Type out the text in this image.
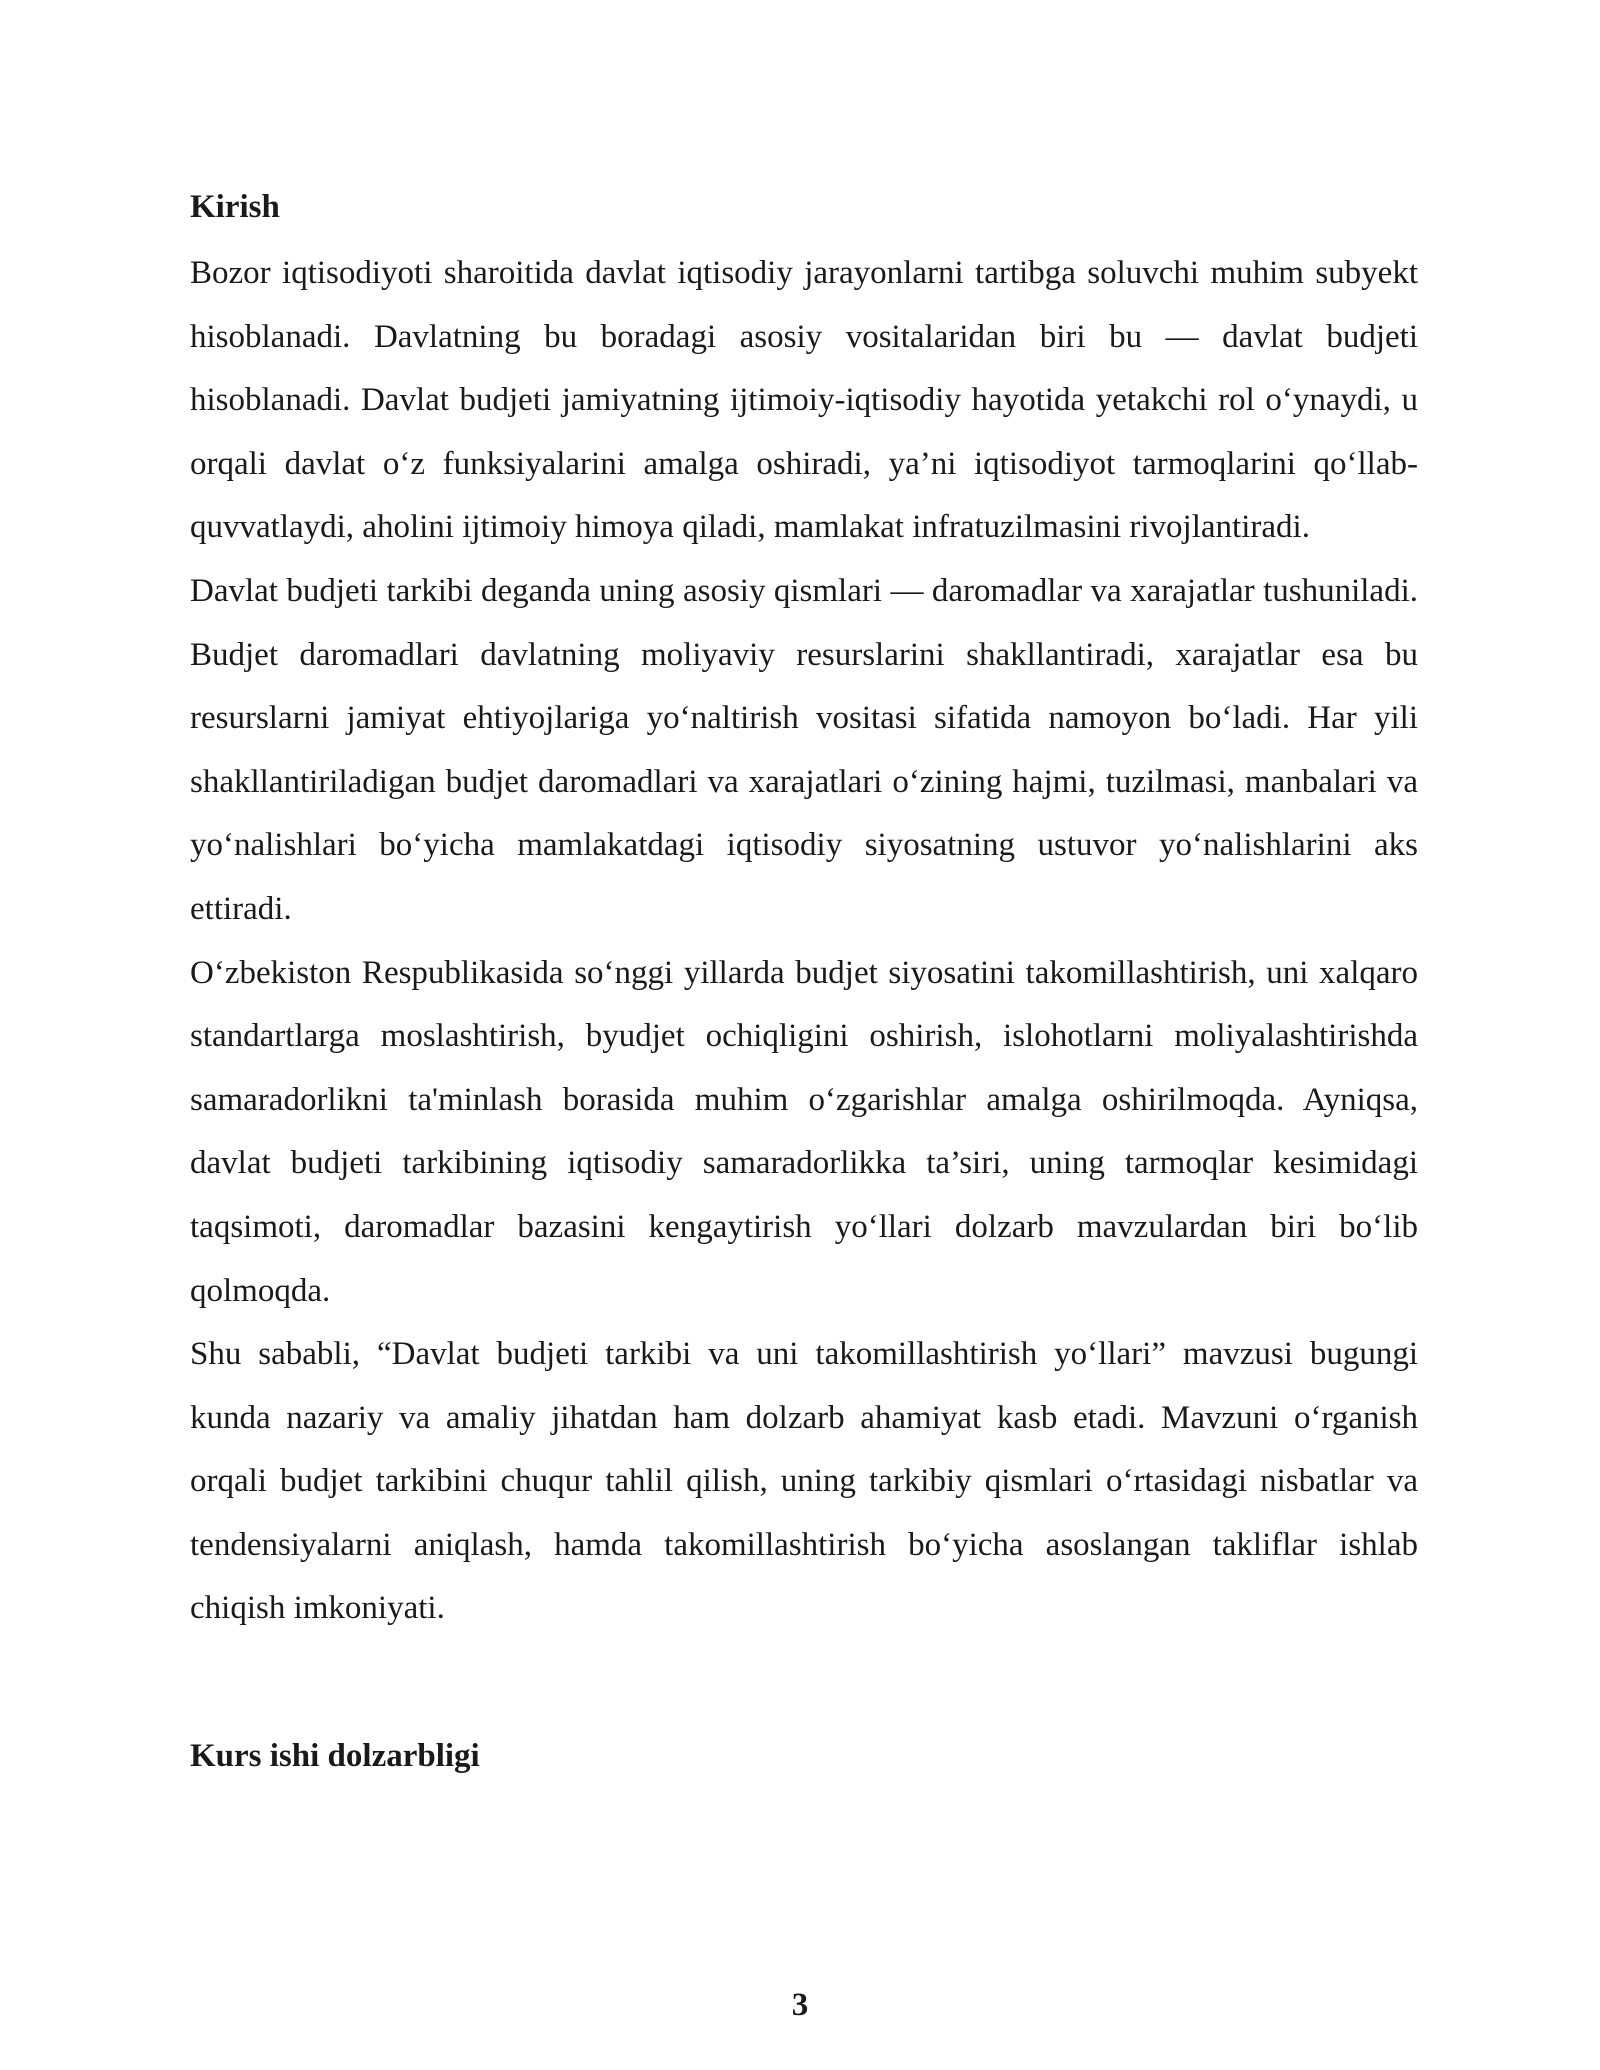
Kirish

Bozor iqtisodiyoti sharoitida davlat iqtisodiy jarayonlarni tartibga soluvchi muhim subyekt hisoblanadi. Davlatning bu boradagi asosiy vositalaridan biri bu — davlat budjeti hisoblanadi. Davlat budjeti jamiyatning ijtimoiy-iqtisodiy hayotida yetakchi rol o‘ynaydi, u orqali davlat o‘z funksiyalarini amalga oshiradi, ya’ni iqtisodiyot tarmoqlarini qo‘llab-quvvatlaydi, aholini ijtimoiy himoya qiladi, mamlakat infratuzilmasini rivojlantiradi.

Davlat budjeti tarkibi deganda uning asosiy qismlari — daromadlar va xarajatlar tushuniladi. Budjet daromadlari davlatning moliyaviy resurslarini shakllantiradi, xarajatlar esa bu resurslarni jamiyat ehtiyojlariga yo‘naltirish vositasi sifatida namoyon bo‘ladi. Har yili shakllantiriladigan budjet daromadlari va xarajatlari o‘zining hajmi, tuzilmasi, manbalari va yo‘nalishlari bo‘yicha mamlakatdagi iqtisodiy siyosatning ustuvor yo‘nalishlarini aks ettiradi.

O‘zbekiston Respublikasida so‘nggi yillarda budjet siyosatini takomillashtirish, uni xalqaro standartlarga moslashtirish, byudjet ochiqligini oshirish, islohotlarni moliyalashtirishda samaradorlikni ta'minlash borasida muhim o‘zgarishlar amalga oshirilmoqda. Ayniqsa, davlat budjeti tarkibining iqtisodiy samaradorlikka ta’siri, uning tarmoqlar kesimidagi taqsimoti, daromadlar bazasini kengaytirish yo‘llari dolzarb mavzulardan biri bo‘lib qolmoqda.

Shu sababli, “Davlat budjeti tarkibi va uni takomillashtirish yo‘llari” mavzusi bugungi kunda nazariy va amaliy jihatdan ham dolzarb ahamiyat kasb etadi. Mavzuni o‘rganish orqali budjet tarkibini chuqur tahlil qilish, uning tarkibiy qismlari o‘rtasidagi nisbatlar va tendensiyalarni aniqlash, hamda takomillashtirish bo‘yicha asoslangan takliflar ishlab chiqish imkoniyati.

Kurs ishi dolzarbligi

3
